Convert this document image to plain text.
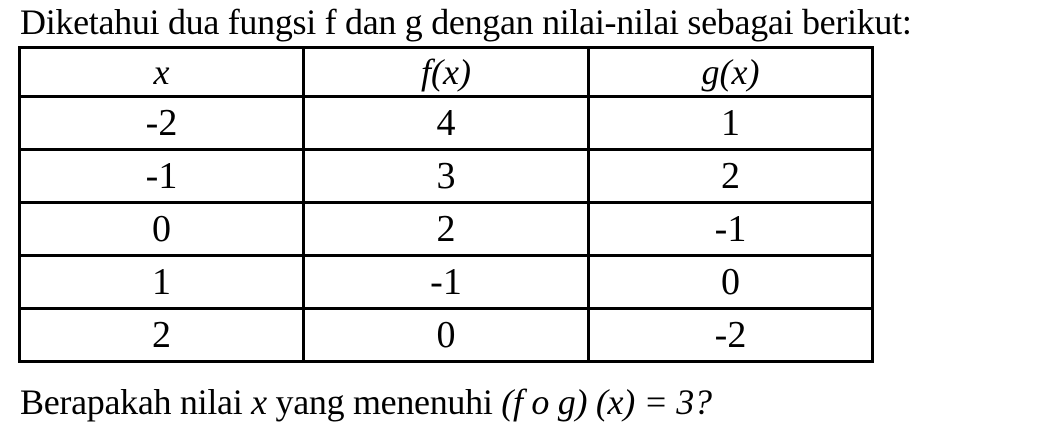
Diketahui dua fungsi f dan g dengan nilai-nilai sebagai berikut:

x	f(x)	g(x)
-2	4	1
-1	3	2
0	2	-1
1	-1	0
2	0	-2

Berapakah nilai x yang menenuhi (f o g) (x) = 3?
